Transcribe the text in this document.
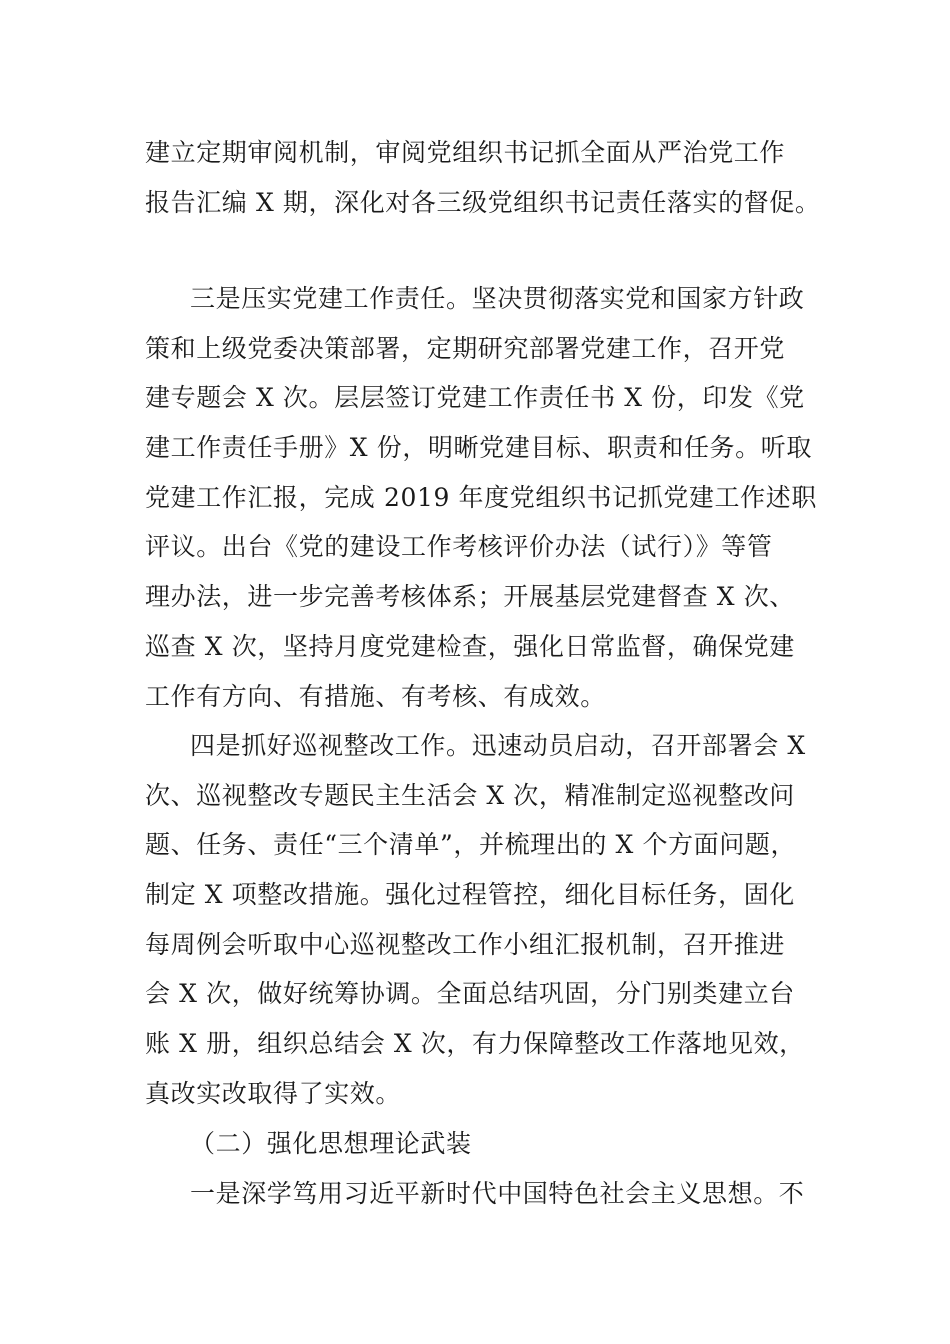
建立定期审阅机制，审阅党组织书记抓全面从严治党工作
报告汇编 X 期，深化对各三级党组织书记责任落实的督促。
三是压实党建工作责任。坚决贯彻落实党和国家方针政
策和上级党委决策部署，定期研究部署党建工作，召开党
建专题会 X 次。层层签订党建工作责任书 X 份，印发《党
建工作责任手册》X 份，明晰党建目标、职责和任务。听取
党建工作汇报，完成 2019 年度党组织书记抓党建工作述职
评议。出台《党的建设工作考核评价办法（试行）》等管
理办法，进一步完善考核体系；开展基层党建督查 X 次、
巡查 X 次，坚持月度党建检查，强化日常监督，确保党建
工作有方向、有措施、有考核、有成效。
四是抓好巡视整改工作。迅速动员启动，召开部署会 X
次、巡视整改专题民主生活会 X 次，精准制定巡视整改问
题、任务、责任“三个清单”，并梳理出的 X 个方面问题，
制定 X 项整改措施。强化过程管控，细化目标任务，固化
每周例会听取中心巡视整改工作小组汇报机制，召开推进
会 X 次，做好统筹协调。全面总结巩固，分门别类建立台
账 X 册，组织总结会 X 次，有力保障整改工作落地见效，
真改实改取得了实效。
（二）强化思想理论武装
一是深学笃用习近平新时代中国特色社会主义思想。不
